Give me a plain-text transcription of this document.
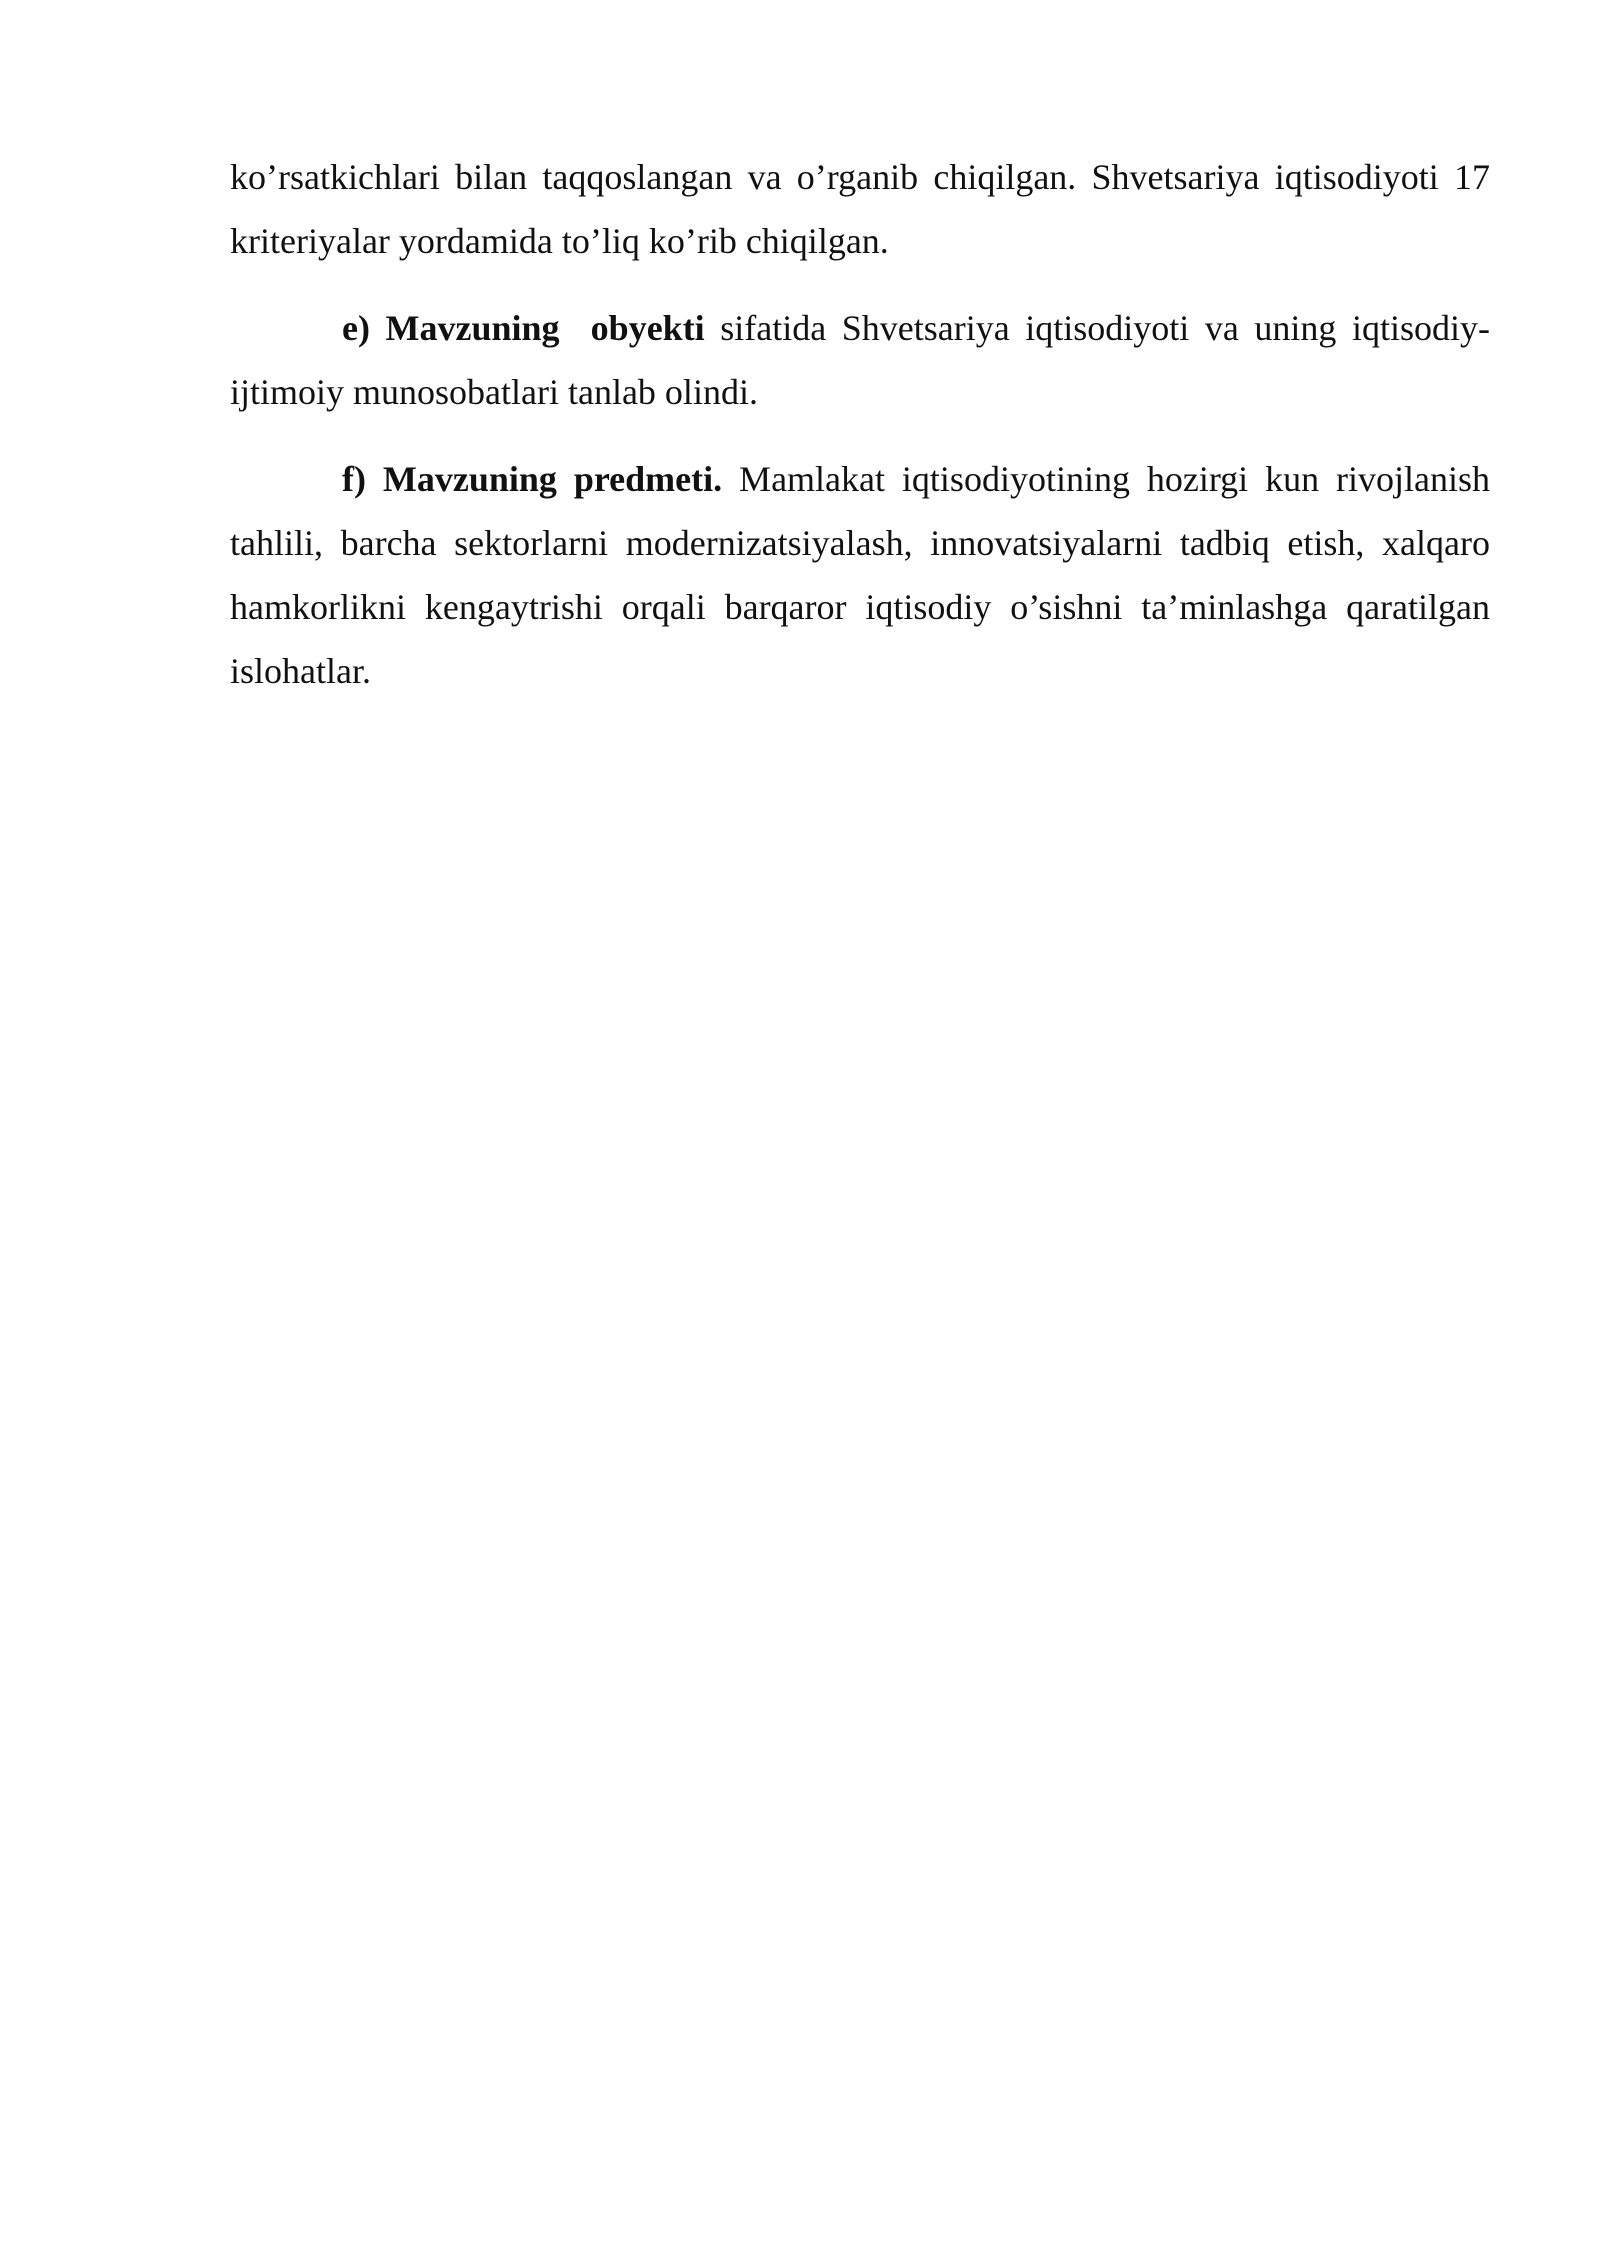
ko’rsatkichlari bilan taqqoslangan va o’rganib chiqilgan. Shvetsariya iqtisodiyoti 17 kriteriyalar yordamida to’liq ko’rib chiqilgan.

e) Mavzuning  obyekti sifatida Shvetsariya iqtisodiyoti va uning iqtisodiy-ijtimoiy munosobatlari tanlab olindi.

f) Mavzuning predmeti. Mamlakat iqtisodiyotining hozirgi kun rivojlanish tahlili, barcha sektorlarni modernizatsiyalash, innovatsiyalarni tadbiq etish, xalqaro hamkorlikni kengaytrishi orqali barqaror iqtisodiy o’sishni ta’minlashga qaratilgan islohatlar.
